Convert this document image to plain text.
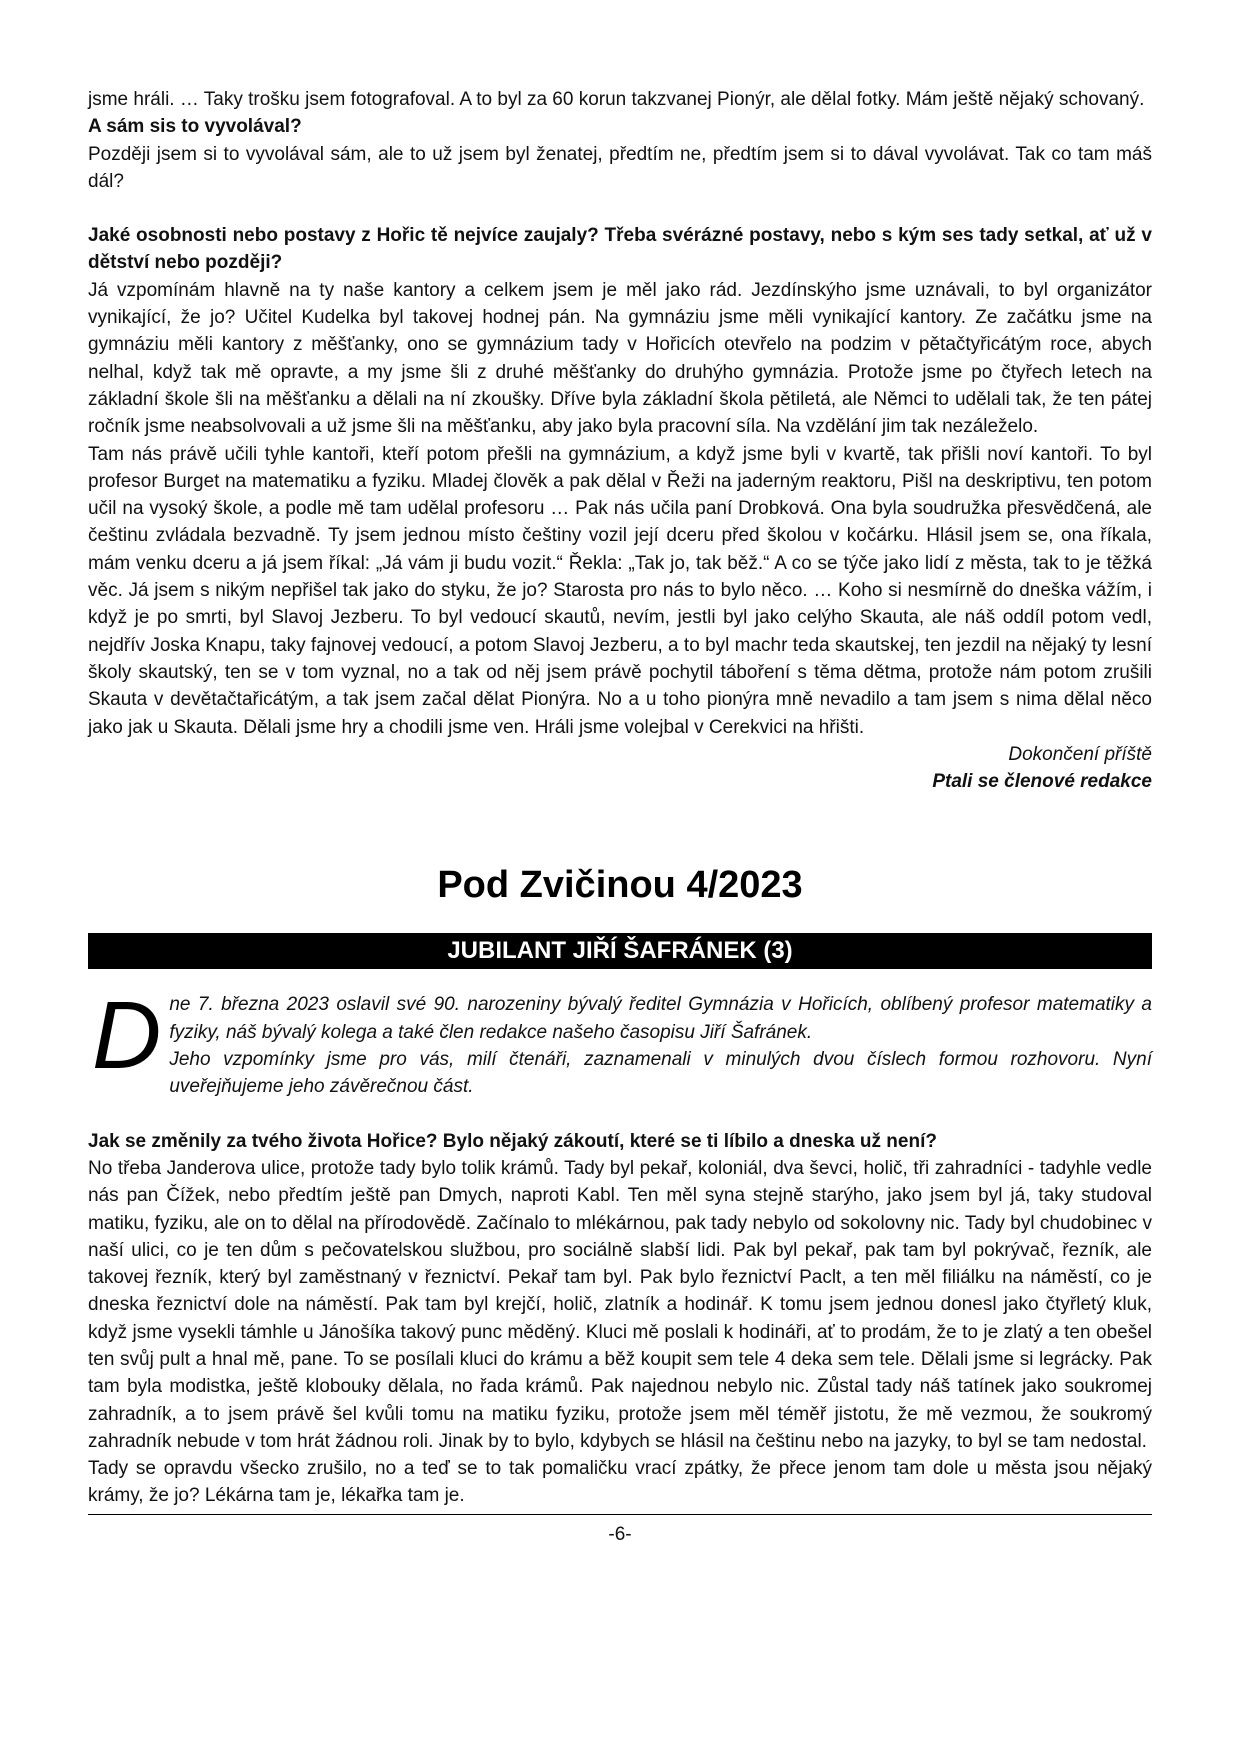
jsme hráli. … Taky trošku jsem fotografoval. A to byl za 60 korun takzvanej Pionýr, ale dělal fotky. Mám ještě nějaký schovaný.

A sám sis to vyvolával?

Později jsem si to vyvolával sám, ale to už jsem byl ženatej, předtím ne, předtím jsem si to dával vyvolávat. Tak co tam máš dál?

Jaké osobnosti nebo postavy z Hořic tě nejvíce zaujaly? Třeba svérázné postavy, nebo s kým ses tady setkal, ať už v dětství nebo později?

Já vzpomínám hlavně na ty naše kantory a celkem jsem je měl jako rád. Jezdínskýho jsme uznávali, to byl organizátor vynikající, že jo? Učitel Kudelka byl takovej hodnej pán. Na gymnáziu jsme měli vynikající kantory. Ze začátku jsme na gymnáziu měli kantory z měšťanky, ono se gymnázium tady v Hořicích otevřelo na podzim v pětačtyřicátým roce, abych nelhal, když tak mě opravte, a my jsme šli z druhé měšťanky do druhýho gymnázia. Protože jsme po čtyřech letech na základní škole šli na měšťanku a dělali na ní zkoušky. Dříve byla základní škola pětiletá, ale Němci to udělali tak, že ten pátej ročník jsme neabsolvovali a už jsme šli na měšťanku, aby jako byla pracovní síla. Na vzdělání jim tak nezáleželo.

Tam nás právě učili tyhle kantoři, kteří potom přešli na gymnázium, a když jsme byli v kvartě, tak přišli noví kantoři. To byl profesor Burget na matematiku a fyziku. Mladej člověk a pak dělal v Řeži na jaderným reaktoru, Pišl na deskriptivu, ten potom učil na vysoký škole, a podle mě tam udělal profesoru … Pak nás učila paní Drobková. Ona byla soudružka přesvědčená, ale češtinu zvládala bezvadně. Ty jsem jednou místo češtiny vozil její dceru před školou v kočárku. Hlásil jsem se, ona říkala, mám venku dceru a já jsem říkal: „Já vám ji budu vozit.“ Řekla: „Tak jo, tak běž.“ A co se týče jako lidí z města, tak to je těžká věc. Já jsem s nikým nepřišel tak jako do styku, že jo? Starosta pro nás to bylo něco. … Koho si nesmírně do dneška vážím, i když je po smrti, byl Slavoj Jezberu. To byl vedoucí skautů, nevím, jestli byl jako celýho Skauta, ale náš oddíl potom vedl, nejdřív Joska Knapu, taky fajnovej vedoucí, a potom Slavoj Jezberu, a to byl machr teda skautskej, ten jezdil na nějaký ty lesní školy skautský, ten se v tom vyznal, no a tak od něj jsem právě pochytil táboření s těma dětma, protože nám potom zrušili Skauta v devětačtařicátým, a tak jsem začal dělat Pionýra. No a u toho pionýra mně nevadilo a tam jsem s nima dělal něco jako jak u Skauta. Dělali jsme hry a chodili jsme ven. Hráli jsme volejbal v Cerekvici na hřišti.

Dokončení příště

Ptali se členové redakce

Pod Zvičinou 4/2023
JUBILANT JIŘÍ ŠAFRÁNEK (3)
D ne 7. března 2023 oslavil své 90. narozeniny bývalý ředitel Gymnázia v Hořicích, oblíbený profesor matematiky a fyziky, náš bývalý kolega a také člen redakce našeho časopisu Jiří Šafránek.

Jeho vzpomínky jsme pro vás, milí čtenáři, zaznamenali v minulých dvou číslech formou rozhovoru. Nyní uveřejňujeme jeho závěrečnou část.

Jak se změnily za tvého života Hořice? Bylo nějaký zákoutí, které se ti líbilo a dneska už není?

No třeba Janderova ulice, protože tady bylo tolik krámů. Tady byl pekař, koloniál, dva ševci, holič, tři zahradníci - tadyhle vedle nás pan Čížek, nebo předtím ještě pan Dmych, naproti Kabl. Ten měl syna stejně starýho, jako jsem byl já, taky studoval matiku, fyziku, ale on to dělal na přírodovědě. Začínalo to mlékárnou, pak tady nebylo od sokolovny nic. Tady byl chudobinec v naší ulici, co je ten dům s pečovatelskou službou, pro sociálně slabší lidi. Pak byl pekař, pak tam byl pokrývač, řezník, ale takovej řezník, který byl zaměstnaný v řeznictví. Pekař tam byl. Pak bylo řeznictví Paclt, a ten měl filiálku na náměstí, co je dneska řeznictví dole na náměstí. Pak tam byl krejčí, holič, zlatník a hodinář. K tomu jsem jednou donesl jako čtyřletý kluk, když jsme vysekli támhle u Jánošíka takový punc měděný. Kluci mě poslali k hodináři, ať to prodám, že to je zlatý a ten obešel ten svůj pult a hnal mě, pane. To se posílali kluci do krámu a běž koupit sem tele 4 deka sem tele. Dělali jsme si legrácky. Pak tam byla modistka, ještě klobouky dělala, no řada krámů. Pak najednou nebylo nic. Zůstal tady náš tatínek jako soukromej zahradník, a to jsem právě šel kvůli tomu na matiku fyziku, protože jsem měl téměř jistotu, že mě vezmou, že soukromý zahradník nebude v tom hrát žádnou roli. Jinak by to bylo, kdybych se hlásil na češtinu nebo na jazyky, to byl se tam nedostal.

Tady se opravdu všecko zrušilo, no a teď se to tak pomaličku vrací zpátky, že přece jenom tam dole u města jsou nějaký krámy, že jo? Lékárna tam je, lékařka tam je.

-6-
